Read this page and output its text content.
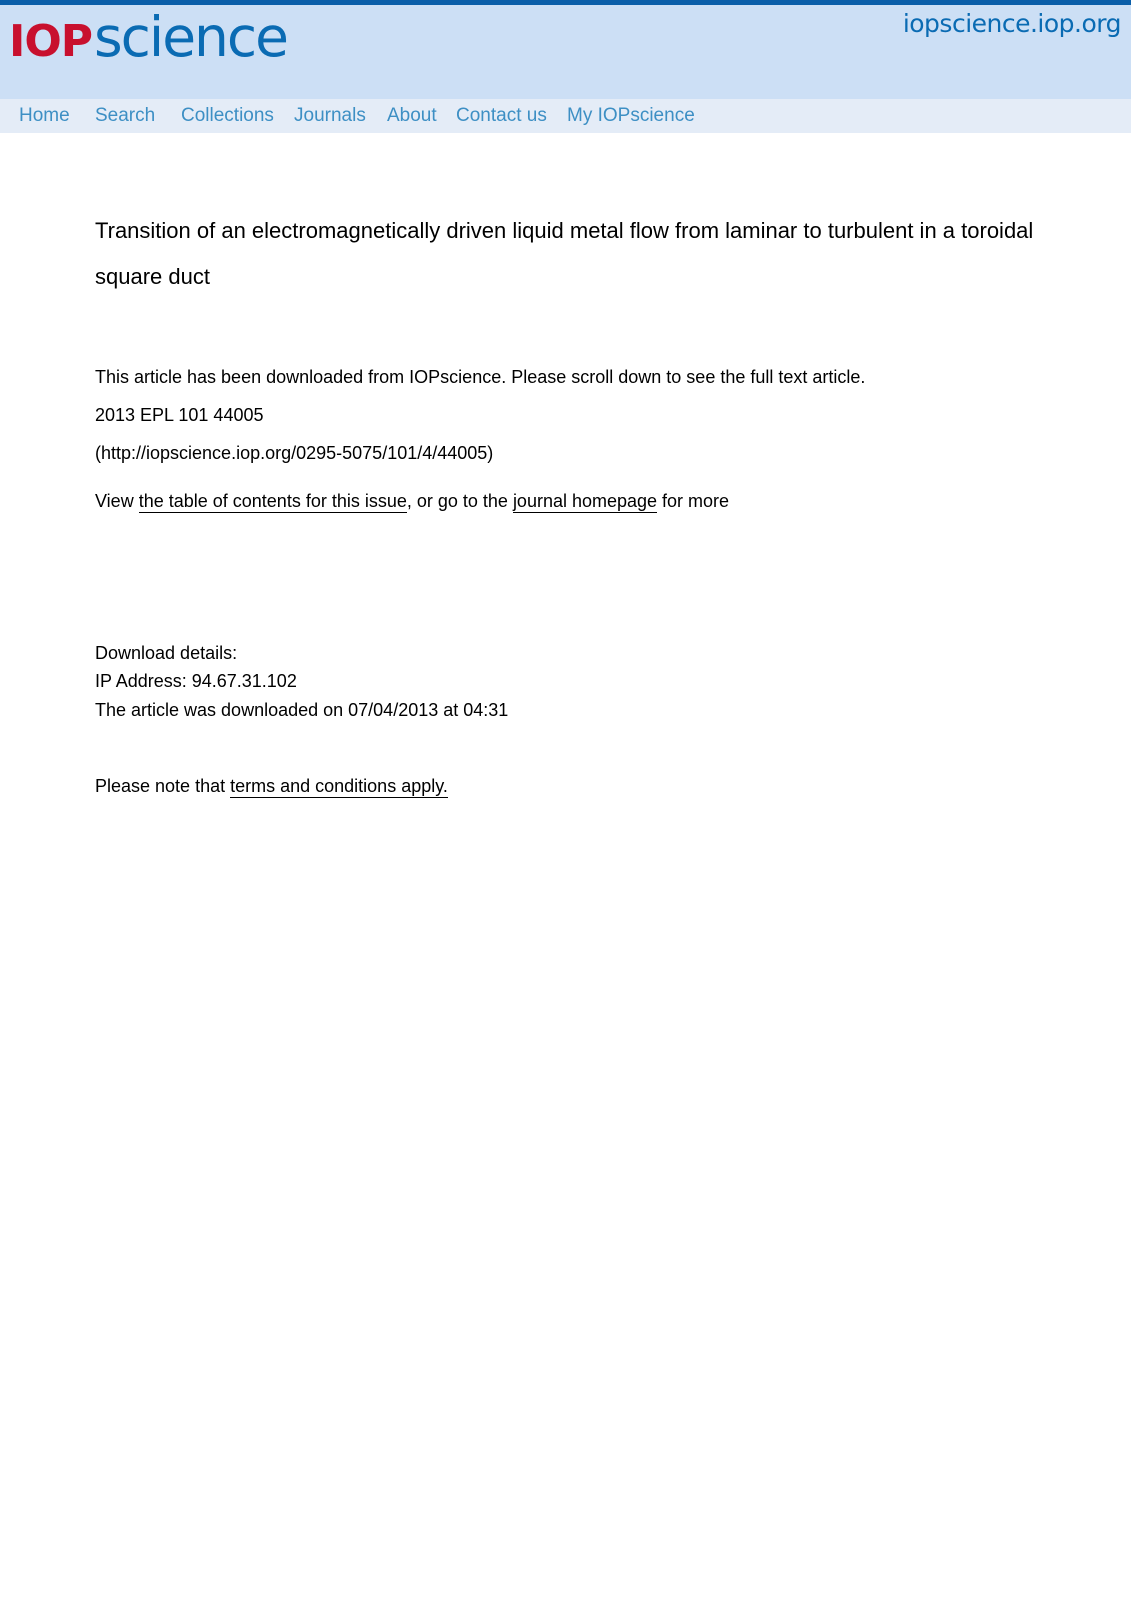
IOP science	iopscience.iop.org
Home Search Collections Journals About Contact us My IOPscience
Transition of an electromagnetically driven liquid metal flow from laminar to turbulent in a toroidal square duct
This article has been downloaded from IOPscience. Please scroll down to see the full text article.
2013 EPL 101 44005
(http://iopscience.iop.org/0295-5075/101/4/44005)
View the table of contents for this issue, or go to the journal homepage for more
Download details:
IP Address: 94.67.31.102
The article was downloaded on 07/04/2013 at 04:31
Please note that terms and conditions apply.
